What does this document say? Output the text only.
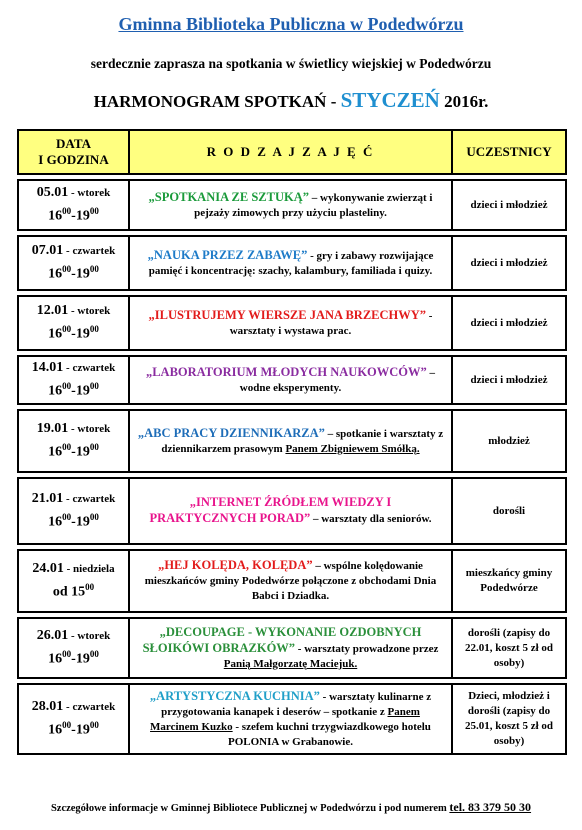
Gminna Biblioteka Publiczna w Podedwórzu
serdecznie zaprasza na spotkania w świetlicy wiejskiej w Podedwórzu
HARMONOGRAM SPOTKAŃ - STYCZEŃ 2016r.
DATA
I GODZINA	R O D Z A J Z A J Ę Ć	UCZESTNICY

05.01 - wtorek
$16^{00}-19^{00}$	„SPOTKANIA ZE SZTUKĄ” – wykonywanie zwierząt i pejzaży zimowych przy użyciu plasteliny.	dzieci i młodzież

07.01 - czwartek
$16^{00}-19^{00}$	„NAUKA PRZEZ ZABAWĘ” - gry i zabawy rozwijające pamięć i koncentrację: szachy, kalambury, familiada i quizy.	dzieci i młodzież

12.01 - wtorek
$16^{00}-19^{00}$	„ILUSTRUJEMY WIERSZE JANA BRZECHWY” - warsztaty i wystawa prac.	dzieci i młodzież

14.01 - czwartek
$16^{00}-19^{00}$	„LABORATORIUM MŁODYCH NAUKOWCÓW” – wodne eksperymenty.	dzieci i młodzież

19.01 - wtorek
$16^{00}-19^{00}$	„ABC PRACY DZIENNIKARZA” – spotkanie i warsztaty z dziennikarzem prasowym Panem Zbigniewem Smółką.	młodzież

21.01 - czwartek
$16^{00}-19^{00}$	„INTERNET ŹRÓDŁEM WIEDZY I PRAKTYCZNYCH PORAD” – warsztaty dla seniorów.	dorośli

24.01 - niedziela
od $15^{00}$	„HEJ KOLĘDA, KOLĘDA” – wspólne kolędowanie mieszkańców gminy Podedwórze połączone z obchodami Dnia Babci i Dziadka.	mieszkańcy gminy Podedwórze

26.01 - wtorek
$16^{00}-19^{00}$	„DECOUPAGE - WYKONANIE OZDOBNYCH SŁOIKÓWI OBRAZKÓW” - warsztaty prowadzone przez Panią Małgorzatę Maciejuk.	dorośli (zapisy do 22.01, koszt 5 zł od osoby)

28.01 - czwartek
$16^{00}-19^{00}$	„ARTYSTYCZNA KUCHNIA” - warsztaty kulinarne z przygotowania kanapek i deserów – spotkanie z Panem Marcinem Kuzko - szefem kuchni trzygwiazdkowego hotelu POLONIA w Grabanowie.	Dzieci, młodzież i dorośli (zapisy do 25.01, koszt 5 zł od osoby)
Szczegółowe informacje w Gminnej Bibliotece Publicznej w Podedwórzu i pod numerem tel. 83 379 50 30
